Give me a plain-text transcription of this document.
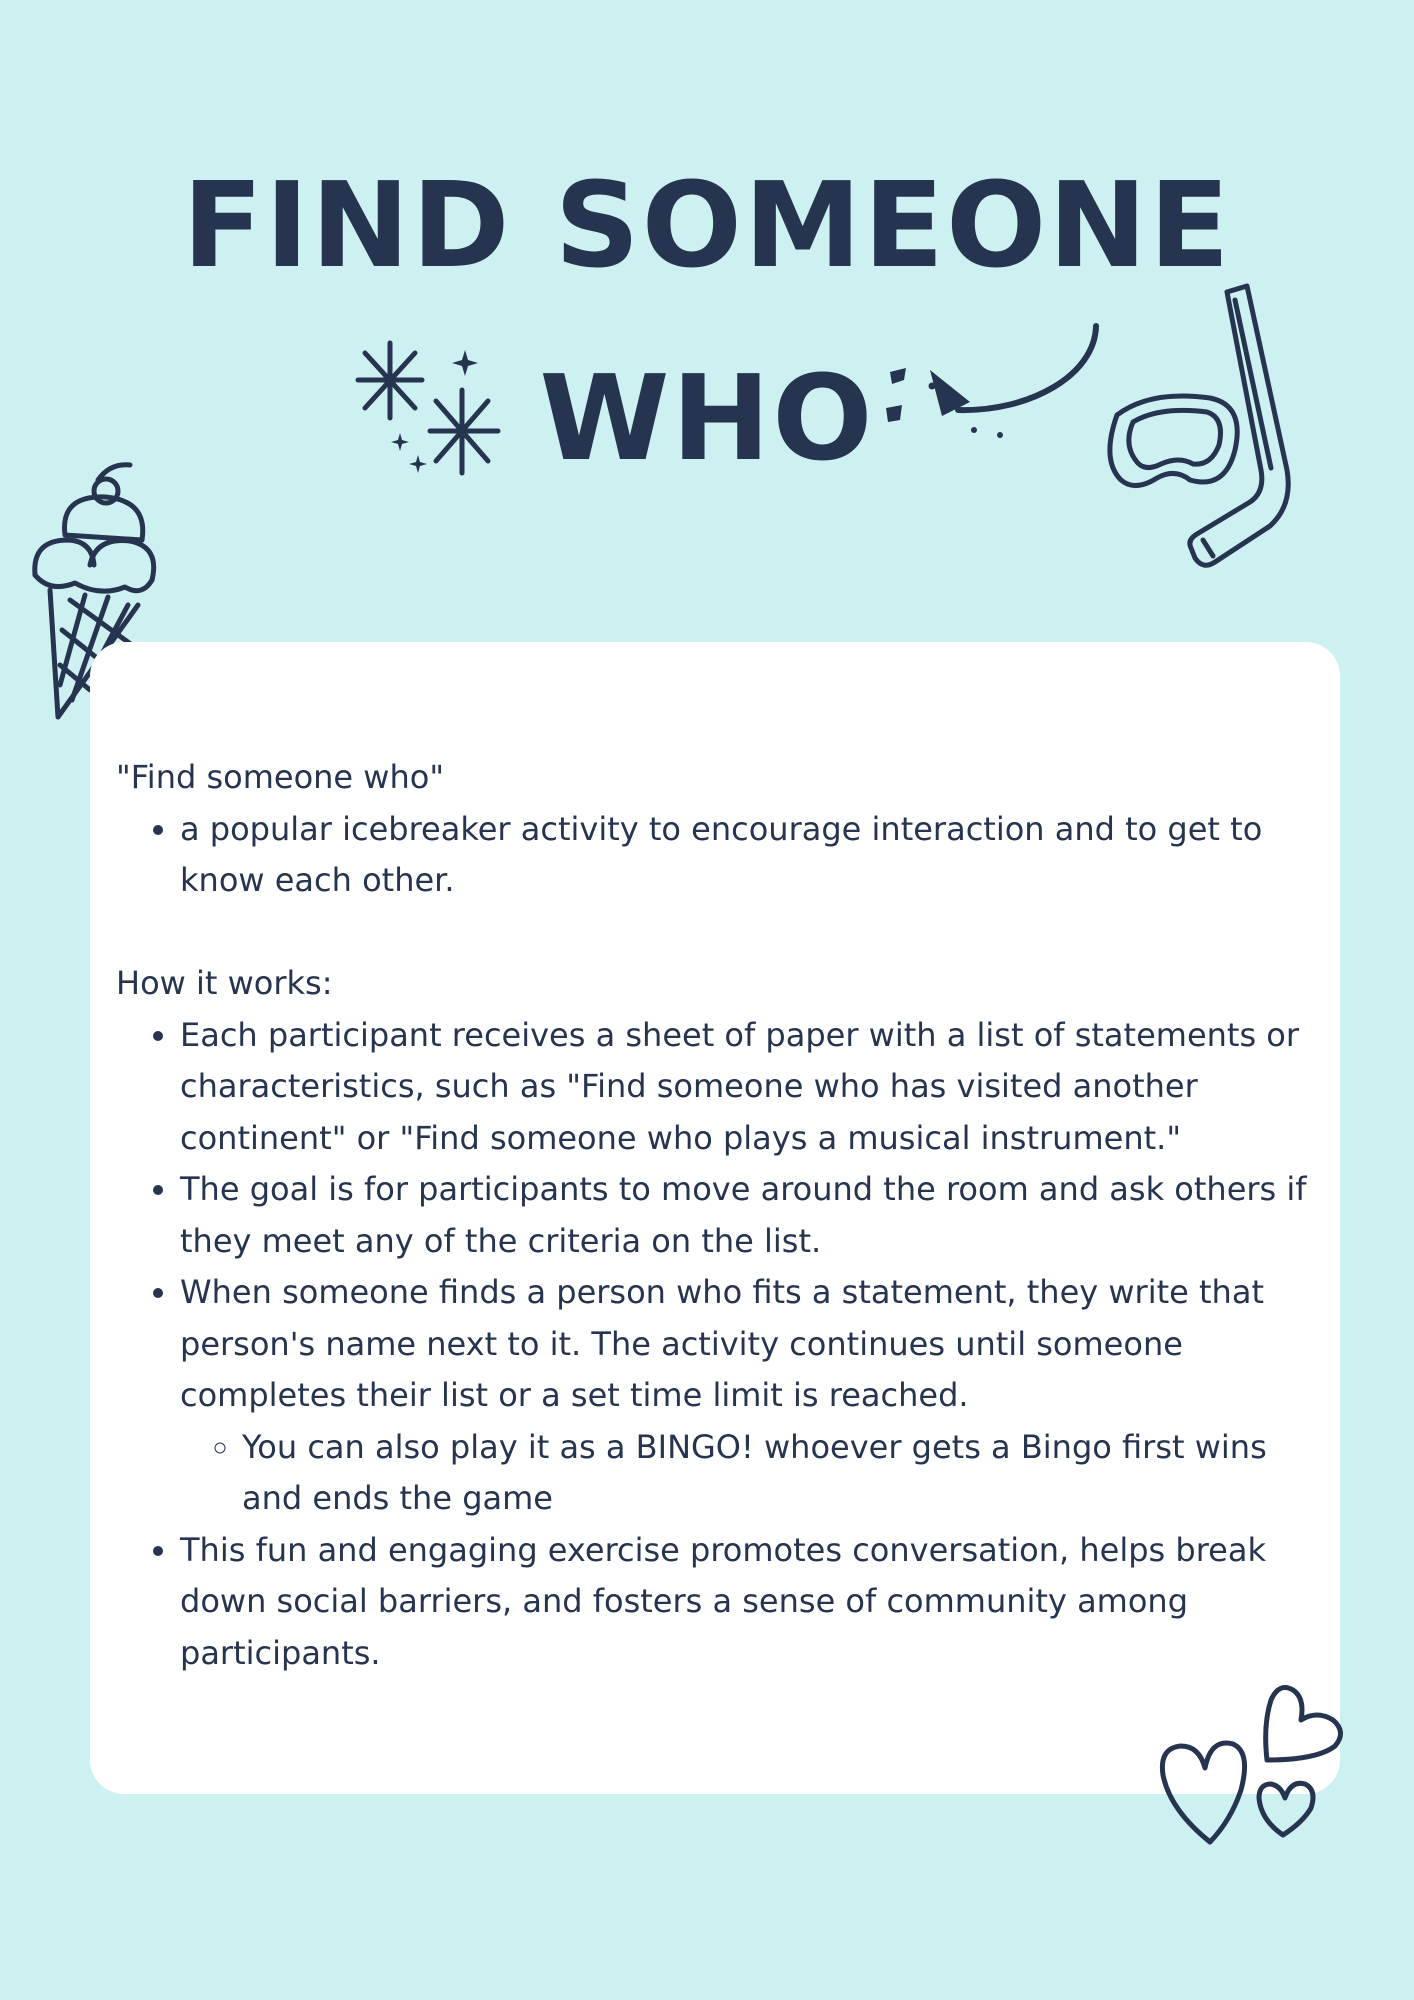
FIND SOMEONE
WHO

"Find someone who"

• a popular icebreaker activity to encourage interaction and to get to know each other.

How it works:

• Each participant receives a sheet of paper with a list of statements or characteristics, such as "Find someone who has visited another continent" or "Find someone who plays a musical instrument."
• The goal is for participants to move around the room and ask others if they meet any of the criteria on the list.
• When someone finds a person who fits a statement, they write that person's name next to it. The activity continues until someone completes their list or a set time limit is reached.
◦ You can also play it as a BINGO! whoever gets a Bingo first wins and ends the game
• This fun and engaging exercise promotes conversation, helps break down social barriers, and fosters a sense of community among participants.
